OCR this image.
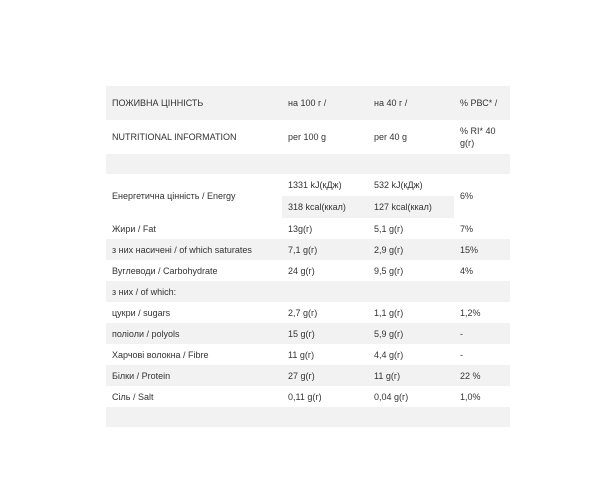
ПОЖИВНА ЦІННІСТЬ	на 100 г /	на 40 г /	% РВС* /
NUTRITIONAL INFORMATION	per 100 g	per 40 g	% RI* 40 g(г)

Енергетична цінність / Energy	1331 kJ(кДж)	532 kJ(кДж)	6%
	318 kcal(ккал)	127 kcal(ккал)	
Жири / Fat	13g(г)	5,1 g(г)	7%
з них насичені / of which saturates	7,1 g(г)	2,9 g(г)	15%
Вуглеводи / Carbohydrate	24 g(г)	9,5 g(г)	4%
з них / of which:			
цукри / sugars	2,7 g(г)	1,1 g(г)	1,2%
поліоли / polyols	15 g(г)	5,9 g(г)	-
Харчові волокна / Fibre	11 g(г)	4,4 g(г)	-
Білки / Protein	27 g(г)	11 g(г)	22 %
Сіль / Salt	0,11 g(г)	0,04 g(г)	1,0%
